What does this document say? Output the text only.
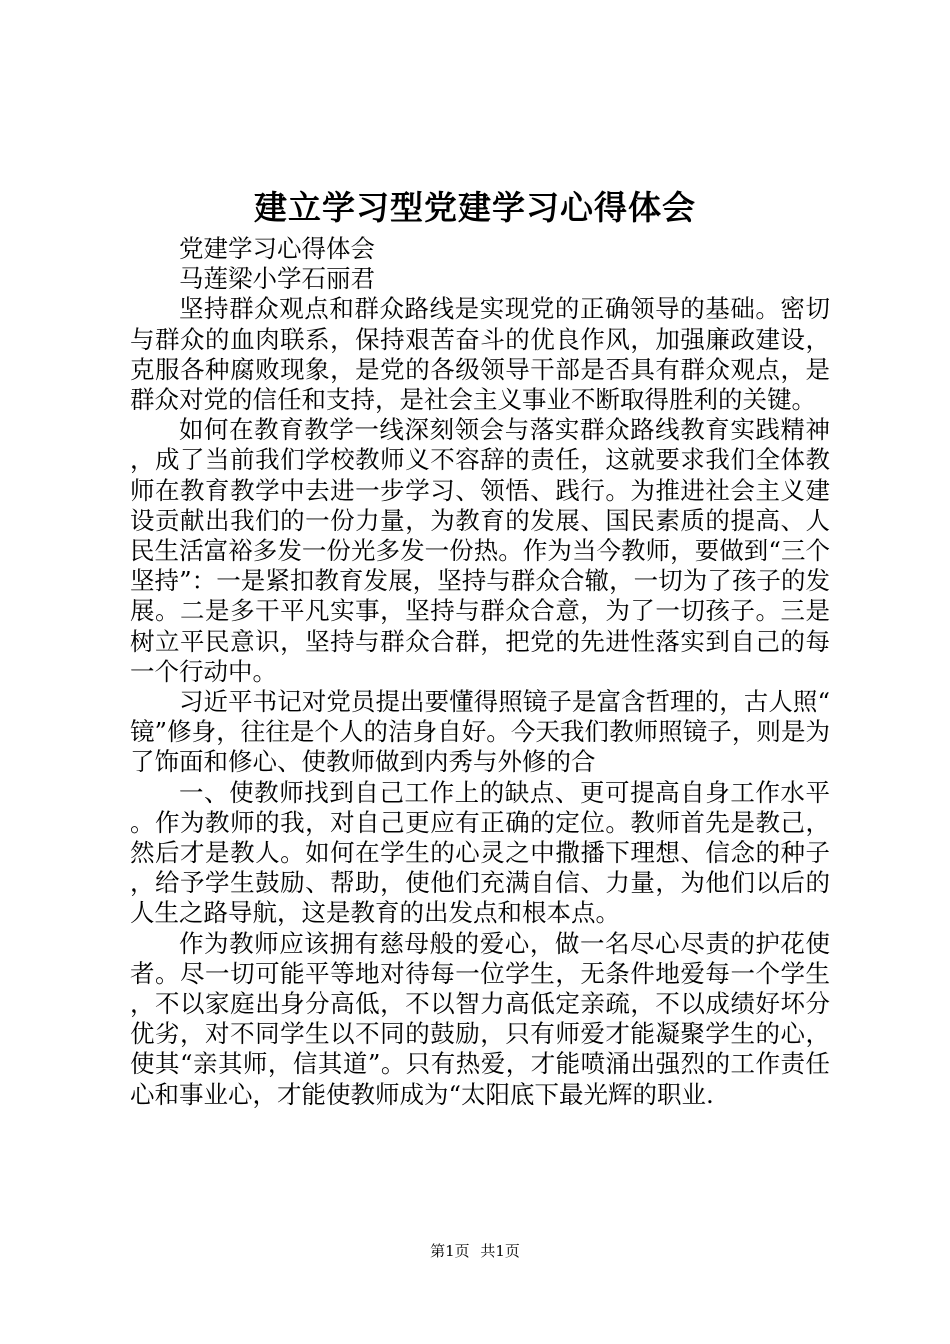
建立学习型党建学习心得体会

党建学习心得体会

马莲梁小学石丽君

坚持群众观点和群众路线是实现党的正确领导的基础。密切与群众的血肉联系，保持艰苦奋斗的优良作风，加强廉政建设，克服各种腐败现象，是党的各级领导干部是否具有群众观点，是群众对党的信任和支持，是社会主义事业不断取得胜利的关键。

如何在教育教学一线深刻领会与落实群众路线教育实践精神，成了当前我们学校教师义不容辞的责任，这就要求我们全体教师在教育教学中去进一步学习、领悟、践行。为推进社会主义建设贡献出我们的一份力量，为教育的发展、国民素质的提高、人民生活富裕多发一份光多发一份热。作为当今教师，要做到“三个坚持”：一是紧扣教育发展，坚持与群众合辙，一切为了孩子的发展。二是多干平凡实事，坚持与群众合意，为了一切孩子。三是树立平民意识，坚持与群众合群，把党的先进性落实到自己的每一个行动中。

习近平书记对党员提出要懂得照镜子是富含哲理的，古人照“镜”修身，往往是个人的洁身自好。今天我们教师照镜子，则是为了饰面和修心、使教师做到内秀与外修的合

一、使教师找到自己工作上的缺点、更可提高自身工作水平。作为教师的我，对自己更应有正确的定位。教师首先是教己，然后才是教人。如何在学生的心灵之中撒播下理想、信念的种子，给予学生鼓励、帮助，使他们充满自信、力量，为他们以后的人生之路导航，这是教育的出发点和根本点。

作为教师应该拥有慈母般的爱心，做一名尽心尽责的护花使者。尽一切可能平等地对待每一位学生，无条件地爱每一个学生，不以家庭出身分高低，不以智力高低定亲疏，不以成绩好坏分优劣，对不同学生以不同的鼓励，只有师爱才能凝聚学生的心，使其“亲其师，信其道”。只有热爱，才能喷涌出强烈的工作责任心和事业心，才能使教师成为“太阳底下最光辉的职业.

第1页 共1页
